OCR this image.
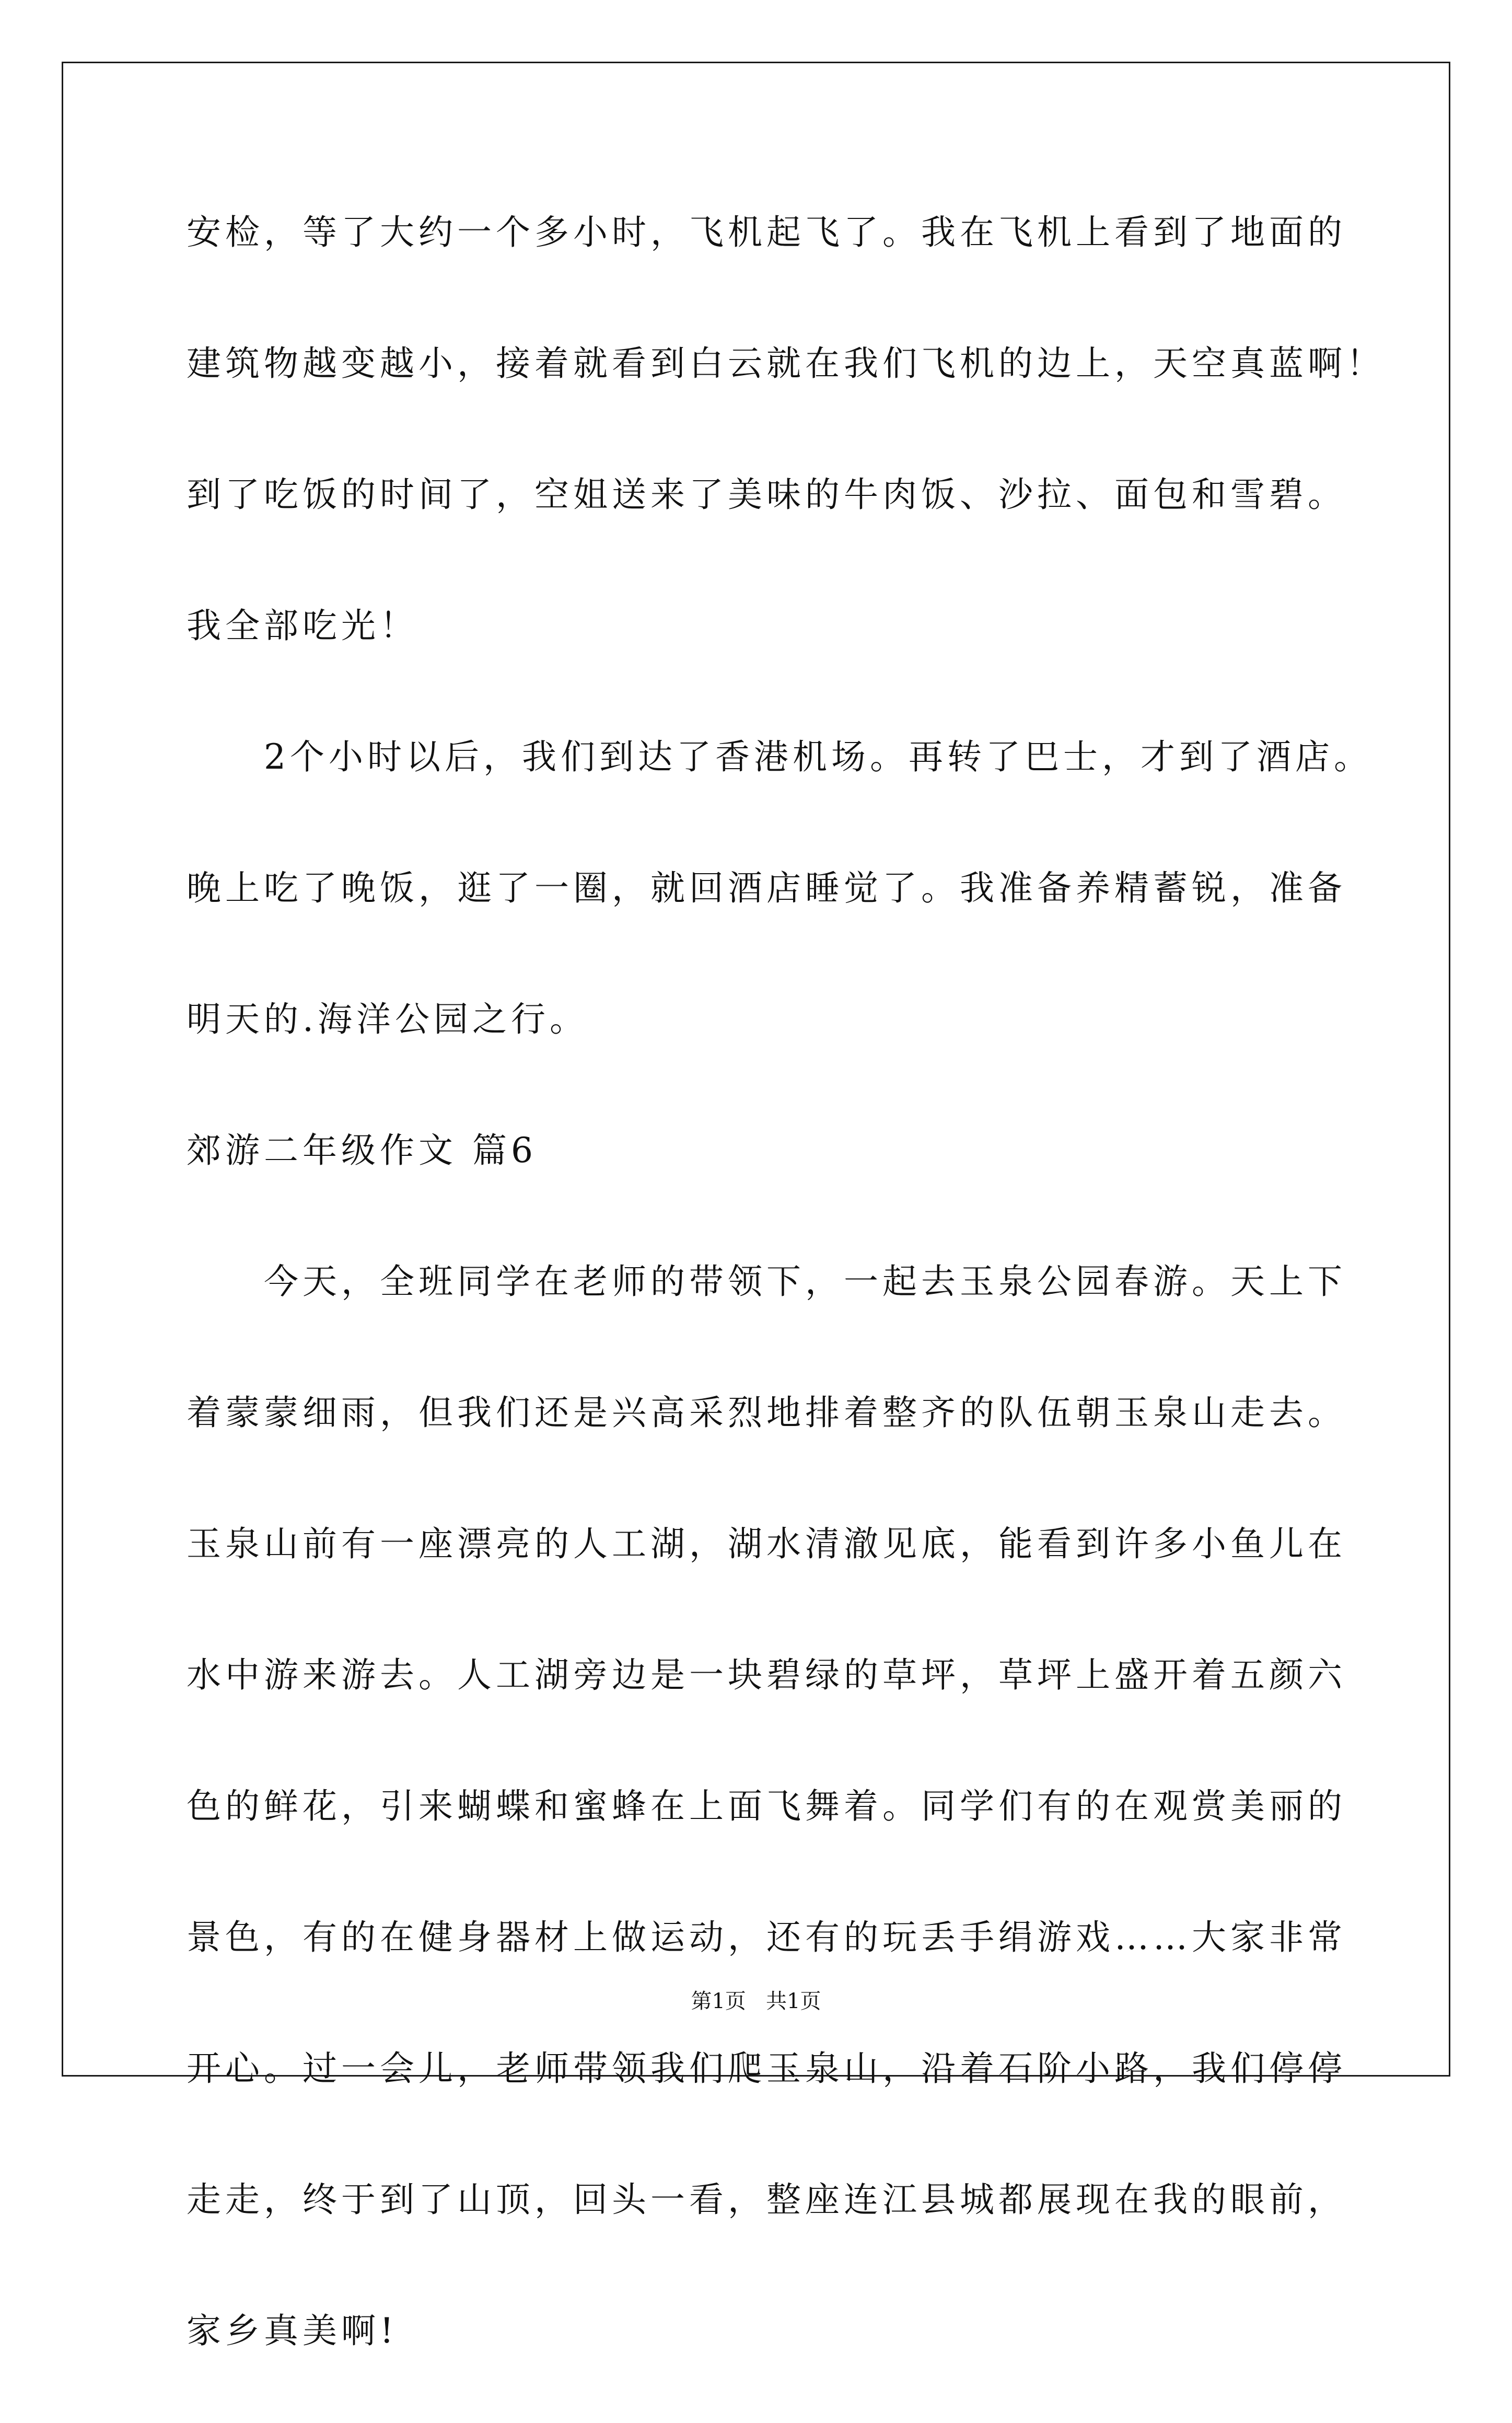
安检，等了大约一个多小时，飞机起飞了。我在飞机上看到了地面的
建筑物越变越小，接着就看到白云就在我们飞机的边上，天空真蓝啊！
到了吃饭的时间了，空姐送来了美味的牛肉饭、沙拉、面包和雪碧。
我全部吃光！
　　2个小时以后，我们到达了香港机场。再转了巴士，才到了酒店。
晚上吃了晚饭，逛了一圈，就回酒店睡觉了。我准备养精蓄锐，准备
明天的.海洋公园之行。
郊游二年级作文 篇6
　　今天，全班同学在老师的带领下，一起去玉泉公园春游。天上下
着蒙蒙细雨，但我们还是兴高采烈地排着整齐的队伍朝玉泉山走去。
玉泉山前有一座漂亮的人工湖，湖水清澈见底，能看到许多小鱼儿在
水中游来游去。人工湖旁边是一块碧绿的草坪，草坪上盛开着五颜六
色的鲜花，引来蝴蝶和蜜蜂在上面飞舞着。同学们有的在观赏美丽的
景色，有的在健身器材上做运动，还有的玩丢手绢游戏……大家非常
开心。过一会儿，老师带领我们爬玉泉山，沿着石阶小路，我们停停
走走，终于到了山顶，回头一看，整座连江县城都展现在我的眼前，
家乡真美啊!
第1页   共1页
